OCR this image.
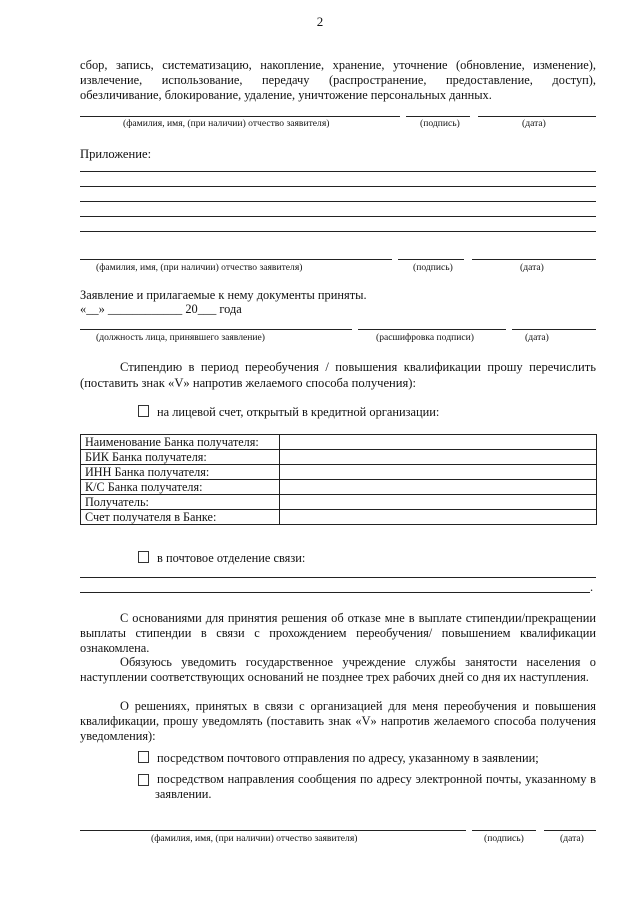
2
сбор, запись, систематизацию, накопление, хранение, уточнение (обновление, изменение), извлечение, использование, передачу (распространение, предоставление, доступ), обезличивание, блокирование, удаление, уничтожение персональных данных.
(фамилия, имя, (при наличии) отчество заявителя)	(подпись)	(дата)
Приложение:
(фамилия, имя, (при наличии) отчество заявителя)	(подпись)	(дата)
Заявление и прилагаемые к нему документы приняты.
«__» ____________ 20___ года
(должность лица, принявшего заявление)	(расшифровка подписи)	(дата)
Стипендию в период переобучения / повышения квалификации прошу перечислить (поставить знак «V» напротив желаемого способа получения):
на лицевой счет, открытый в кредитной организации:
Наименование Банка получателя:	
БИК Банка получателя:	
ИНН Банка получателя:	
К/С Банка получателя:	
Получатель:	
Счет получателя в Банке:	
в почтовое отделение связи:
.
С основаниями для принятия решения об отказе мне в выплате стипендии/прекращении выплаты стипендии в связи с прохождением переобучения/ повышением квалификации ознакомлена.
Обязуюсь уведомить государственное учреждение службы занятости населения о наступлении соответствующих оснований не позднее трех рабочих дней со дня их наступления.
О решениях, принятых в связи с организацией для меня переобучения и повышения квалификации, прошу уведомлять (поставить знак «V» напротив желаемого способа получения уведомления):
посредством почтового отправления по адресу, указанному в заявлении;
посредством направления сообщения по адресу электронной почты, указанному в заявлении.
(фамилия, имя, (при наличии) отчество заявителя)	(подпись)	(дата)
